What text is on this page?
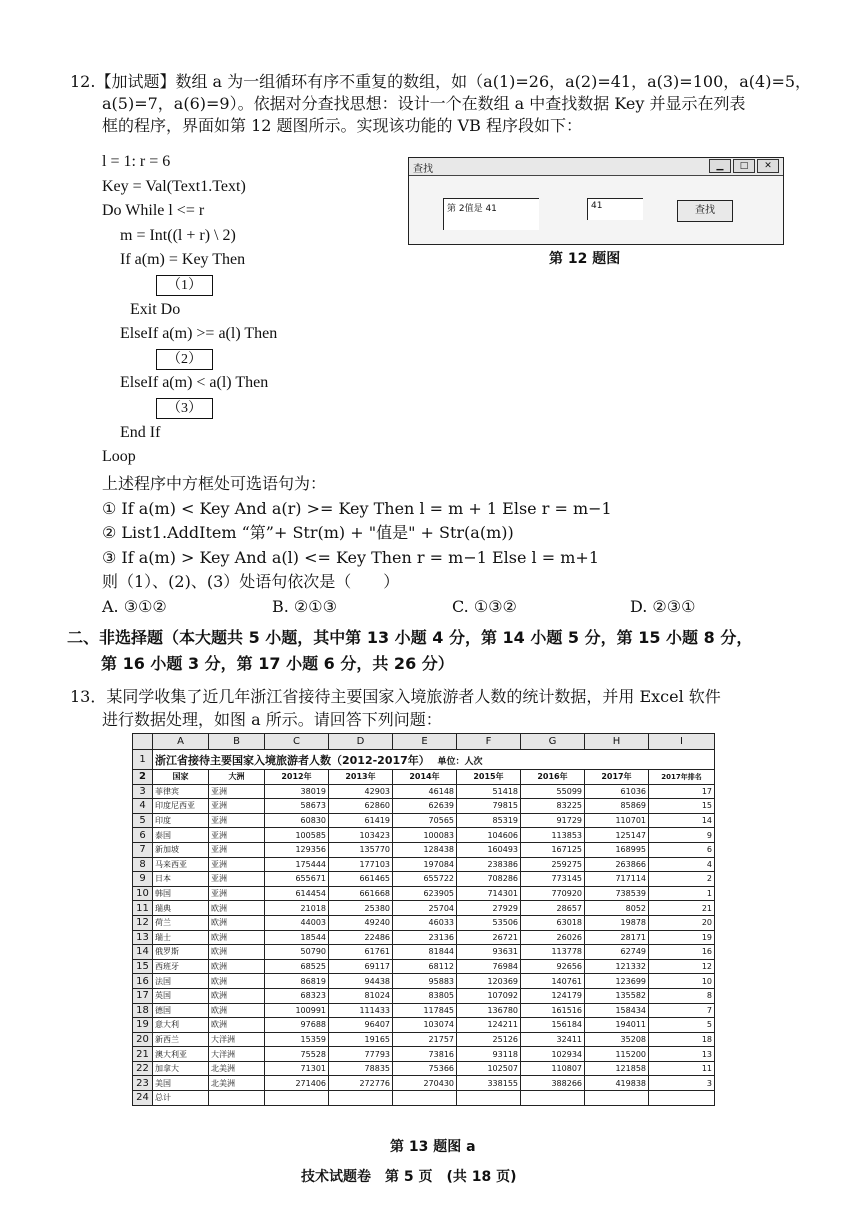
12.【加试题】数组 a 为一组循环有序不重复的数组，如（a(1)=26，a(2)=41，a(3)=100，a(4)=5，
a(5)=7，a(6)=9）。依据对分查找思想：设计一个在数组 a 中查找数据 Key 并显示在列表
框的程序，界面如第 12 题图所示。实现该功能的 VB 程序段如下：
l = 1: r = 6
Key = Val(Text1.Text)
Do While l <= r
m = Int((l + r) \ 2)
If a(m) = Key Then
（1）
Exit Do
ElseIf a(m) >= a(l) Then
（2）
ElseIf a(m) < a(l) Then
（3）
End If
Loop
查找	▁	□	✕
第 2值是 41	41	查找
第 12 题图
上述程序中方框处可选语句为：
① If a(m) < Key And a(r) >= Key Then l = m + 1 Else r = m−1
② List1.AddItem “第”+ Str(m) + "值是" + Str(a(m))
③ If a(m) > Key And a(l) <= Key Then r = m−1 Else l = m+1
则（1）、(2)、(3）处语句依次是（　　）
A. ③①②	B. ②①③	C. ①③②	D. ②③①
二、非选择题（本大题共 5 小题，其中第 13 小题 4 分，第 14 小题 5 分，第 15 小题 8 分，
第 16 小题 3 分，第 17 小题 6 分，共 26 分）
13．某同学收集了近几年浙江省接待主要国家入境旅游者人数的统计数据，并用 Excel 软件
进行数据处理，如图 a 所示。请回答下列问题：
	A	B	C	D	E	F	G	H	I
1	浙江省接待主要国家入境旅游者人数（2012-2017年） 单位：人次								
2	国家	大洲	2012年	2013年	2014年	2015年	2016年	2017年	2017年排名
3	菲律宾	亚洲	38019	42903	46148	51418	55099	61036	17
4	印度尼西亚	亚洲	58673	62860	62639	79815	83225	85869	15
5	印度	亚洲	60830	61419	70565	85319	91729	110701	14
6	泰国	亚洲	100585	103423	100083	104606	113853	125147	9
7	新加坡	亚洲	129356	135770	128438	160493	167125	168995	6
8	马来西亚	亚洲	175444	177103	197084	238386	259275	263866	4
9	日本	亚洲	655671	661465	655722	708286	773145	717114	2
10	韩国	亚洲	614454	661668	623905	714301	770920	738539	1
11	瑞典	欧洲	21018	25380	25704	27929	28657	8052	21
12	荷兰	欧洲	44003	49240	46033	53506	63018	19878	20
13	瑞士	欧洲	18544	22486	23136	26721	26026	28171	19
14	俄罗斯	欧洲	50790	61761	81844	93631	113778	62749	16
15	西班牙	欧洲	68525	69117	68112	76984	92656	121332	12
16	法国	欧洲	86819	94438	95883	120369	140761	123699	10
17	英国	欧洲	68323	81024	83805	107092	124179	135582	8
18	德国	欧洲	100991	111433	117845	136780	161516	158434	7
19	意大利	欧洲	97688	96407	103074	124211	156184	194011	5
20	新西兰	大洋洲	15359	19165	21757	25126	32411	35208	18
21	澳大利亚	大洋洲	75528	77793	73816	93118	102934	115200	13
22	加拿大	北美洲	71301	78835	75366	102507	110807	121858	11
23	美国	北美洲	271406	272776	270430	338155	388266	419838	3
24	总计								
第 13 题图 a
技术试题卷　第 5 页　(共 18 页)
